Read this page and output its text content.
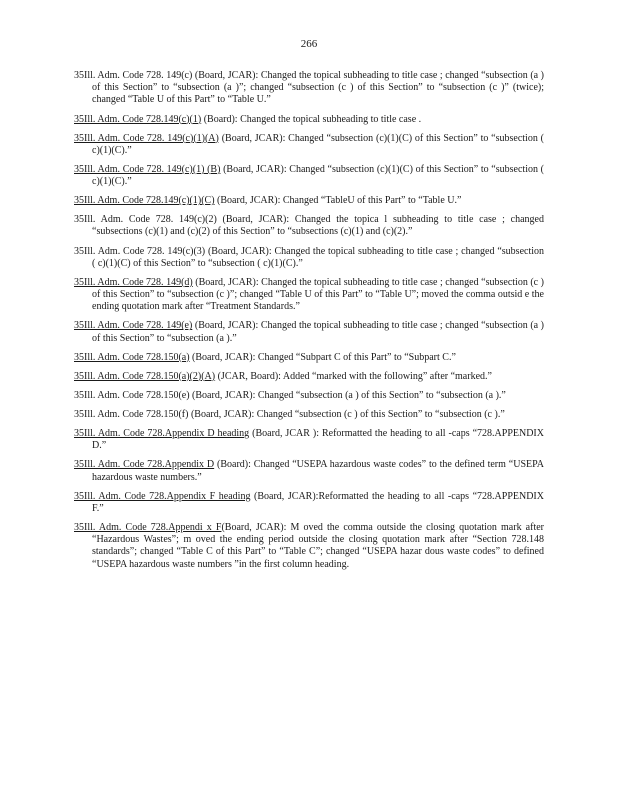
266

35Ill. Adm. Code 728. 149(c) (Board, JCAR): Changed the topical subheading to title case ; changed “subsection (a ) of this Section” to “subsection (a )”; changed “subsection (c ) of this Section” to “subsection (c )” (twice); changed “Table U of this Part” to “Table U.”

35Ill. Adm. Code 728.149(c)(1) (Board): Changed the topical subheading to title case .

35Ill. Adm. Code 728. 149(c)(1)(A) (Board, JCAR): Changed “subsection (c)(1)(C) of this Section” to “subsection ( c)(1)(C).”

35Ill. Adm. Code 728. 149(c)(1) (B) (Board, JCAR): Changed “subsection (c)(1)(C) of this Section” to “subsection ( c)(1)(C).”

35Ill. Adm. Code 728.149(c)(1)(C) (Board, JCAR): Changed “TableU of this Part” to “Table U.”

35Ill. Adm. Code 728. 149(c)(2) (Board, JCAR): Changed the topica l subheading to title case ; changed “subsections (c)(1) and (c)(2) of this Section” to “subsections (c)(1) and (c)(2).”

35Ill. Adm. Code 728. 149(c)(3) (Board, JCAR): Changed the topical subheading to title case ; changed “subsection ( c)(1)(C) of this Section” to “subsection ( c)(1)(C).”

35Ill. Adm. Code 728. 149(d) (Board, JCAR): Changed the topical subheading to title case ; changed “subsection (c ) of this Section” to “subsection (c )”; changed “Table U of this Part” to “Table U”; moved the comma outsid e the ending quotation mark after “Treatment Standards.”

35Ill. Adm. Code 728. 149(e) (Board, JCAR): Changed the topical subheading to title case ; changed “subsection (a ) of this Section” to “subsection (a ).”

35Ill. Adm. Code 728.150(a) (Board, JCAR): Changed “Subpart C of this Part” to “Subpart C.”

35Ill. Adm. Code 728.150(a)(2)(A) (JCAR, Board): Added “marked with the following” after “marked.”

35Ill. Adm. Code 728.150(e) (Board, JCAR): Changed “subsection (a ) of this Section” to “subsection (a ).”

35Ill. Adm. Code 728.150(f) (Board, JCAR): Changed “subsection (c ) of this Section” to “subsection (c ).”

35Ill. Adm. Code 728.Appendix D heading (Board, JCAR ): Reformatted the heading to all -caps “728.APPENDIX D.”

35Ill. Adm. Code 728.Appendix D (Board): Changed “USEPA hazardous waste codes” to the defined term “USEPA hazardous waste numbers.”

35Ill. Adm. Code 728.Appendix F heading (Board, JCAR):Reformatted the heading to all -caps “728.APPENDIX F.”

35Ill. Adm. Code 728.Appendi x F(Board, JCAR): M oved the comma outside the closing quotation mark after “Hazardous Wastes”; m oved the ending period outside the closing quotation mark after “Section 728.148 standards”; changed “Table C of this Part” to “Table C”; changed “USEPA hazar dous waste codes” to defined “USEPA hazardous waste numbers ”in the first column heading.
